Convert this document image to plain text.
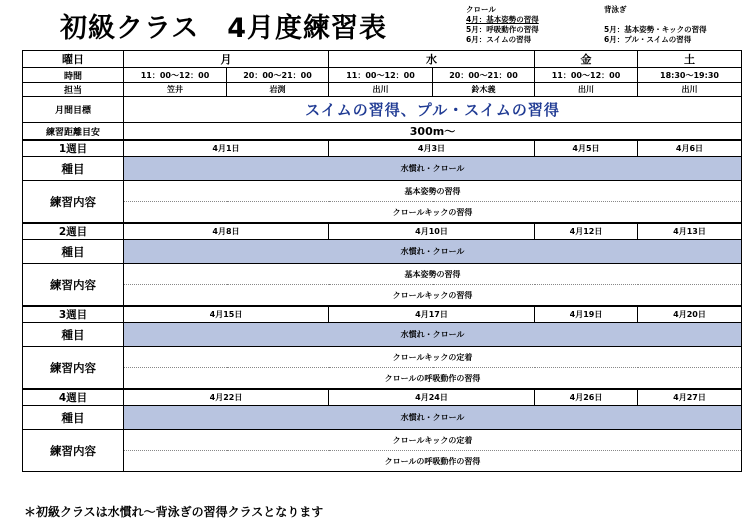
初級クラス　4月度練習表
クロール
4月：基本姿勢の習得
5月：呼吸動作の習得
6月：スイムの習得
背泳ぎ

5月：基本姿勢・キックの習得
6月：プル・スイムの習得
曜日	月		水		金	土
時間	11：00～12：00	20：00～21：00	11：00～12：00	20：00～21：00	11：00～12：00	18:30～19:30
担当	笠井	岩渕	出川	鈴木義	出川	出川
月間目標	スイムの習得、プル・スイムの習得					
練習距離目安	300m～					
1週目	4月1日		4月3日		4月5日	4月6日
種目	水慣れ・クロール					
練習内容	基本姿勢の習得					
	クロールキックの習得					
2週目	4月8日		4月10日		4月12日	4月13日
種目	水慣れ・クロール					
練習内容	基本姿勢の習得					
	クロールキックの習得					
3週目	4月15日		4月17日		4月19日	4月20日
種目	水慣れ・クロール					
練習内容	クロールキックの定着					
	クロールの呼吸動作の習得					
4週目	4月22日		4月24日		4月26日	4月27日
種目	水慣れ・クロール					
練習内容	クロールキックの定着					
	クロールの呼吸動作の習得					
＊初級クラスは水慣れ～背泳ぎの習得クラスとなります
